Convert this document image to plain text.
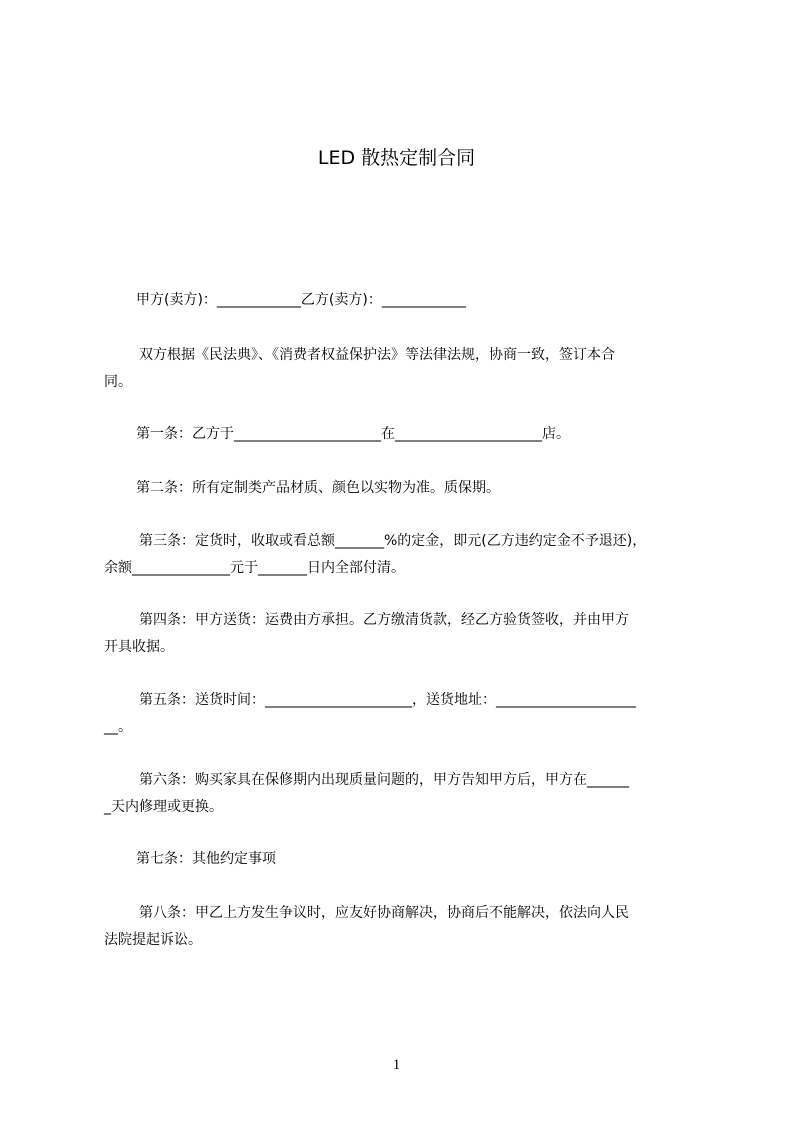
LED 散热定制合同
甲方(卖方)：____________乙方(卖方)：____________
双方根据《民法典》、《消费者权益保护法》等法律法规，协商一致，签订本合
同。
第一条：乙方于_____________________在_____________________店。
第二条：所有定制类产品材质、颜色以实物为准。质保期。
第三条：定货时，收取或看总额_______%的定金，即元(乙方违约定金不予退还)，
余额______________元于_______日内全部付清。
第四条：甲方送货：运费由方承担。乙方缴清货款，经乙方验货签收，并由甲方
开具收据。
第五条：送货时间：_____________________，送货地址：____________________
__。
第六条：购买家具在保修期内出现质量问题的，甲方告知甲方后，甲方在______
_天内修理或更换。
第七条：其他约定事项
第八条：甲乙上方发生争议时，应友好协商解决，协商后不能解决，依法向人民
法院提起诉讼。
1
